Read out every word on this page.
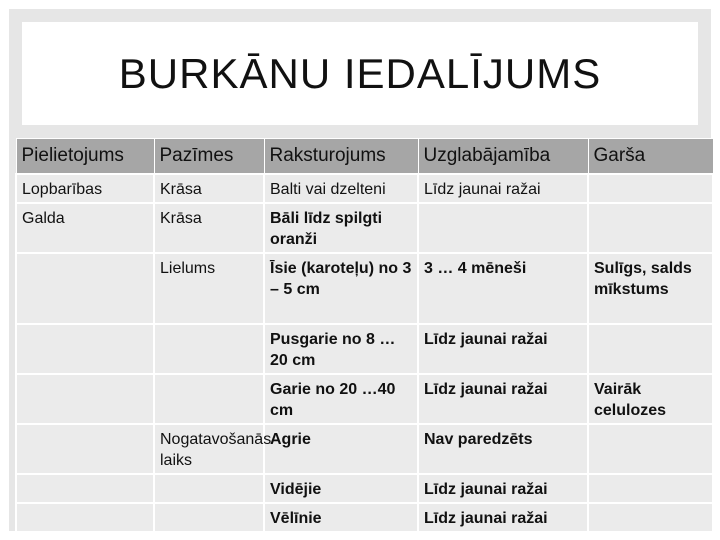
BURKĀNU IEDALĪJUMS
Pielietojums	Pazīmes	Raksturojums	Uzglabājamība	Garša
Lopbarības	Krāsa	Balti vai dzelteni	Līdz jaunai ražai	
Galda	Krāsa	Bāli līdz spilgti oranži		
	Lielums	Īsie (karoteļu) no 3 – 5 cm	3 … 4 mēneši	Sulīgs, salds mīkstums
		Pusgarie no 8 … 20 cm	Līdz jaunai ražai	
		Garie no 20 …40 cm	Līdz jaunai ražai	Vairāk celulozes
	Nogatavošanās laiks	Agrie	Nav paredzēts	
		Vidējie	Līdz jaunai ražai	
		Vēlīnie	Līdz jaunai ražai	
